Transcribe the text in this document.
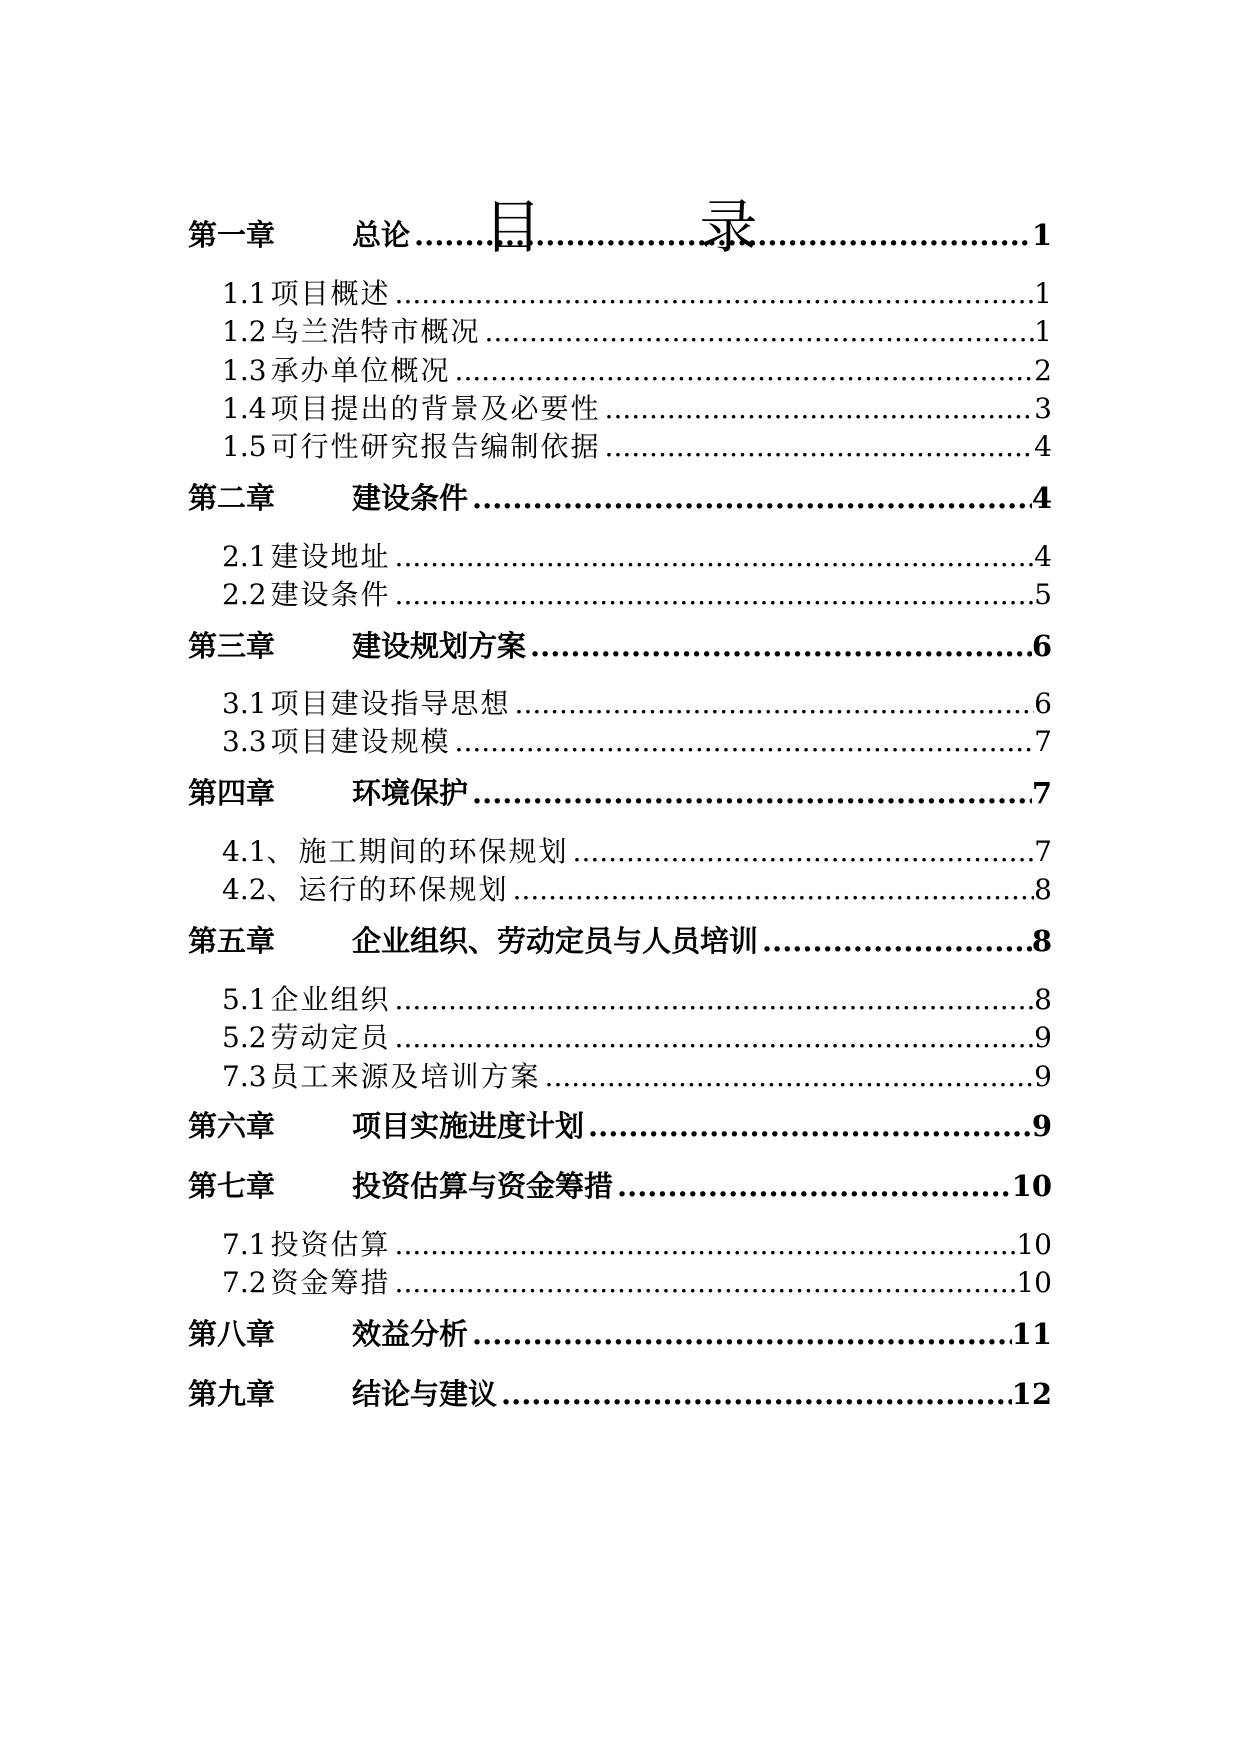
目　录
第一章	总论 .....	1
1.1 项目概述 .....	1
1.2 乌兰浩特市概况 .....	1
1.3 承办单位概况 .....	2
1.4 项目提出的背景及必要性 .....	3
1.5 可行性研究报告编制依据 .....	4
第二章	建设条件 .....	4
2.1 建设地址 .....	4
2.2 建设条件 .....	5
第三章	建设规划方案 .....	6
3.1 项目建设指导思想 .....	6
3.3 项目建设规模 .....	7
第四章	环境保护 .....	7
4.1、 施工期间的环保规划 .....	7
4.2、 运行的环保规划 .....	8
第五章	企业组织、劳动定员与人员培训 .....	8
5.1 企业组织 .....	8
5.2 劳动定员 .....	9
7.3 员工来源及培训方案 .....	9
第六章	项目实施进度计划 .....	9
第七章	投资估算与资金筹措 .....	10
7.1 投资估算 .....	10
7.2 资金筹措 .....	10
第八章	效益分析 .....	11
第九章	结论与建议 .....	12
